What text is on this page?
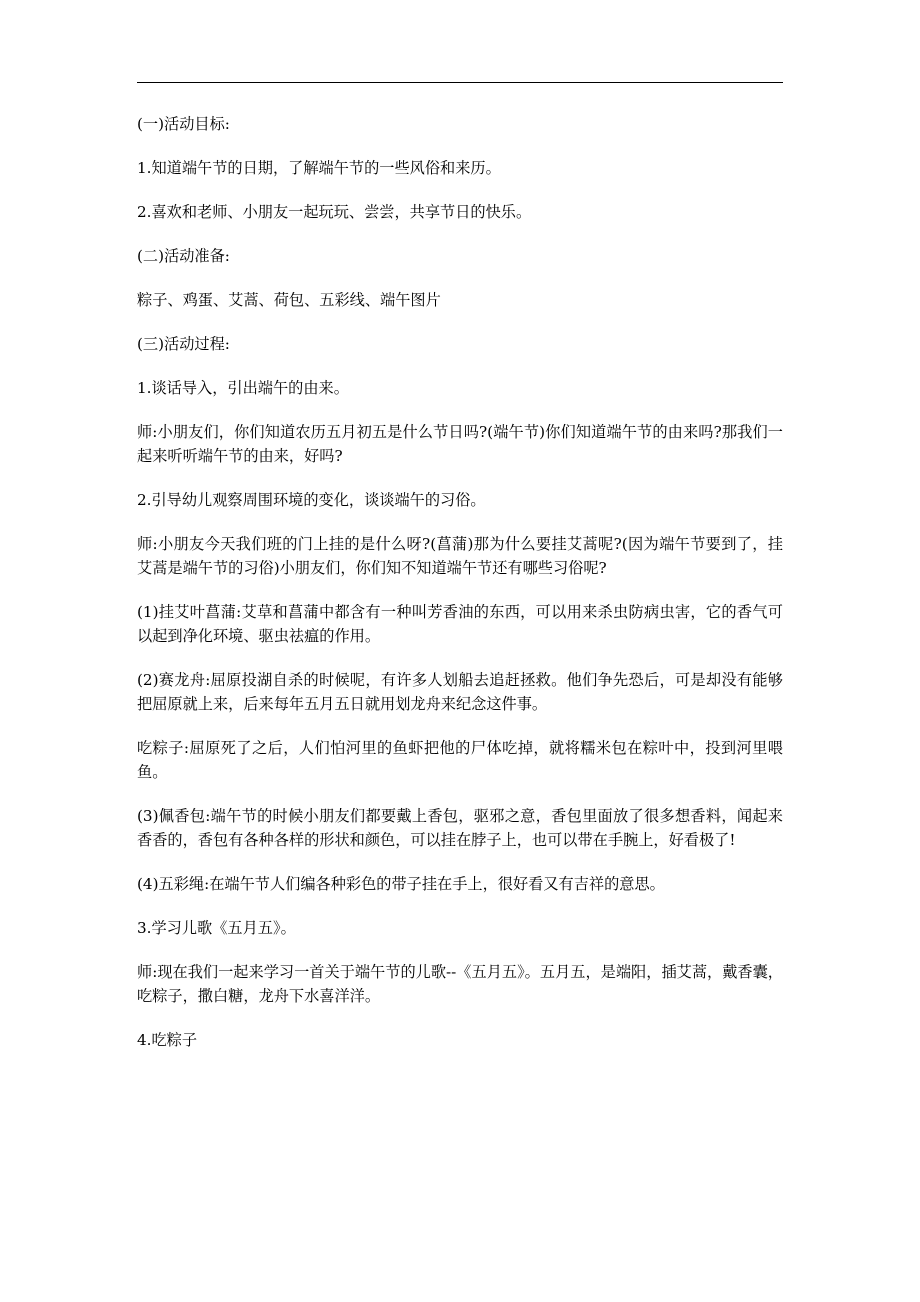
(一)活动目标:

1.知道端午节的日期，了解端午节的一些风俗和来历。

2.喜欢和老师、小朋友一起玩玩、尝尝，共享节日的快乐。

(二)活动准备:

粽子、鸡蛋、艾蒿、荷包、五彩线、端午图片

(三)活动过程:

1.谈话导入，引出端午的由来。

师:小朋友们，你们知道农历五月初五是什么节日吗?(端午节)你们知道端午节的由来吗?那我们一起来听听端午节的由来，好吗?

2.引导幼儿观察周围环境的变化，谈谈端午的习俗。

师:小朋友今天我们班的门上挂的是什么呀?(菖蒲)那为什么要挂艾蒿呢?(因为端午节要到了，挂艾蒿是端午节的习俗)小朋友们，你们知不知道端午节还有哪些习俗呢?

(1)挂艾叶菖蒲:艾草和菖蒲中都含有一种叫芳香油的东西，可以用来杀虫防病虫害，它的香气可以起到净化环境、驱虫祛瘟的作用。

(2)赛龙舟:屈原投湖自杀的时候呢，有许多人划船去追赶拯救。他们争先恐后，可是却没有能够把屈原就上来，后来每年五月五日就用划龙舟来纪念这件事。

吃粽子:屈原死了之后，人们怕河里的鱼虾把他的尸体吃掉，就将糯米包在粽叶中，投到河里喂鱼。

(3)佩香包:端午节的时候小朋友们都要戴上香包，驱邪之意，香包里面放了很多想香料，闻起来香香的，香包有各种各样的形状和颜色，可以挂在脖子上，也可以带在手腕上，好看极了!

(4)五彩绳:在端午节人们编各种彩色的带子挂在手上，很好看又有吉祥的意思。

3.学习儿歌《五月五》。

师:现在我们一起来学习一首关于端午节的儿歌--《五月五》。五月五，是端阳，插艾蒿，戴香囊，吃粽子，撒白糖，龙舟下水喜洋洋。

4.吃粽子
